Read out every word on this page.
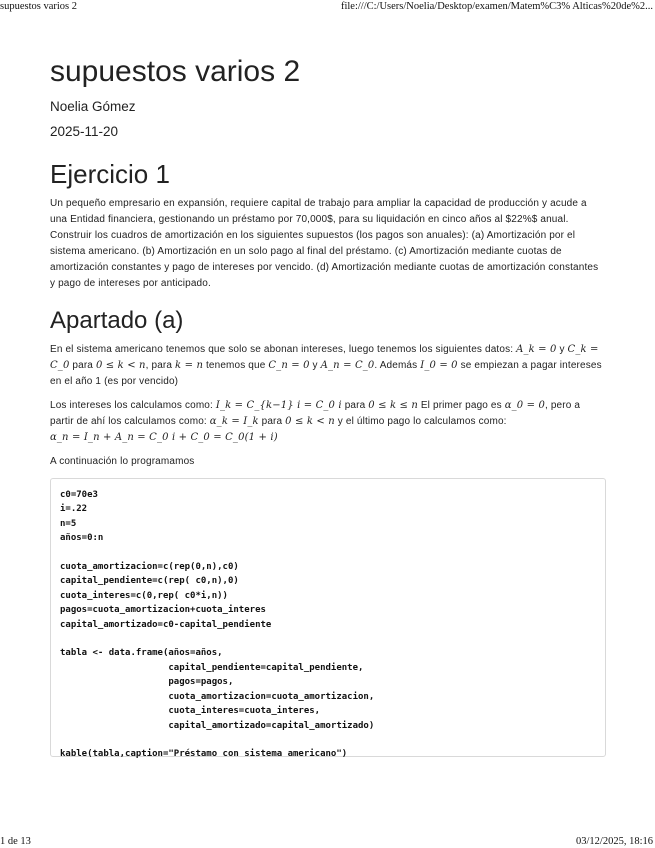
supuestos varios 2	file:///C:/Users/Noelia/Desktop/examen/Matem%C3% Alticas%20de%2...
supuestos varios 2
Noelia Gómez
2025-11-20
Ejercicio 1

Un pequeño empresario en expansión, requiere capital de trabajo para ampliar la capacidad de producción y acude a una Entidad financiera, gestionando un préstamo por 70,000$, para su liquidación en cinco años al $22%$ anual. Construir los cuadros de amortización en los siguientes supuestos (los pagos son anuales): (a) Amortización por el sistema americano. (b) Amortización en un solo pago al final del préstamo. (c) Amortización mediante cuotas de amortización constantes y pago de intereses por vencido. (d) Amortización mediante cuotas de amortización constantes y pago de intereses por anticipado.

Apartado (a)

En el sistema americano tenemos que solo se abonan intereses, luego tenemos los siguientes datos: A_k = 0 y C_k = C_0 para 0 ≤ k < n, para k = n tenemos que C_n = 0 y A_n = C_0. Además I_0 = 0 se empiezan a pagar intereses en el año 1 (es por vencido)

Los intereses los calculamos como: I_k = C_{k−1} i = C_0 i para 0 ≤ k ≤ n El primer pago es α_0 = 0, pero a partir de ahí los calculamos como: α_k = I_k para 0 ≤ k < n y el último pago lo calculamos como:
α_n = I_n + A_n = C_0 i + C_0 = C_0(1 + i)

A continuación lo programamos

c0=70e3
i=.22
n=5
años=0:n

cuota_amortizacion=c(rep(0,n),c0)
capital_pendiente=c(rep( c0,n),0)
cuota_interes=c(0,rep( c0*i,n))
pagos=cuota_amortizacion+cuota_interes
capital_amortizado=c0-capital_pendiente

tabla <- data.frame(años=años,
capital_pendiente=capital_pendiente,
pagos=pagos,
cuota_amortizacion=cuota_amortizacion,
cuota_interes=cuota_interes,
capital_amortizado=capital_amortizado)

kable(tabla,caption="Préstamo con sistema americano")
1 de 13	03/12/2025, 18:16
